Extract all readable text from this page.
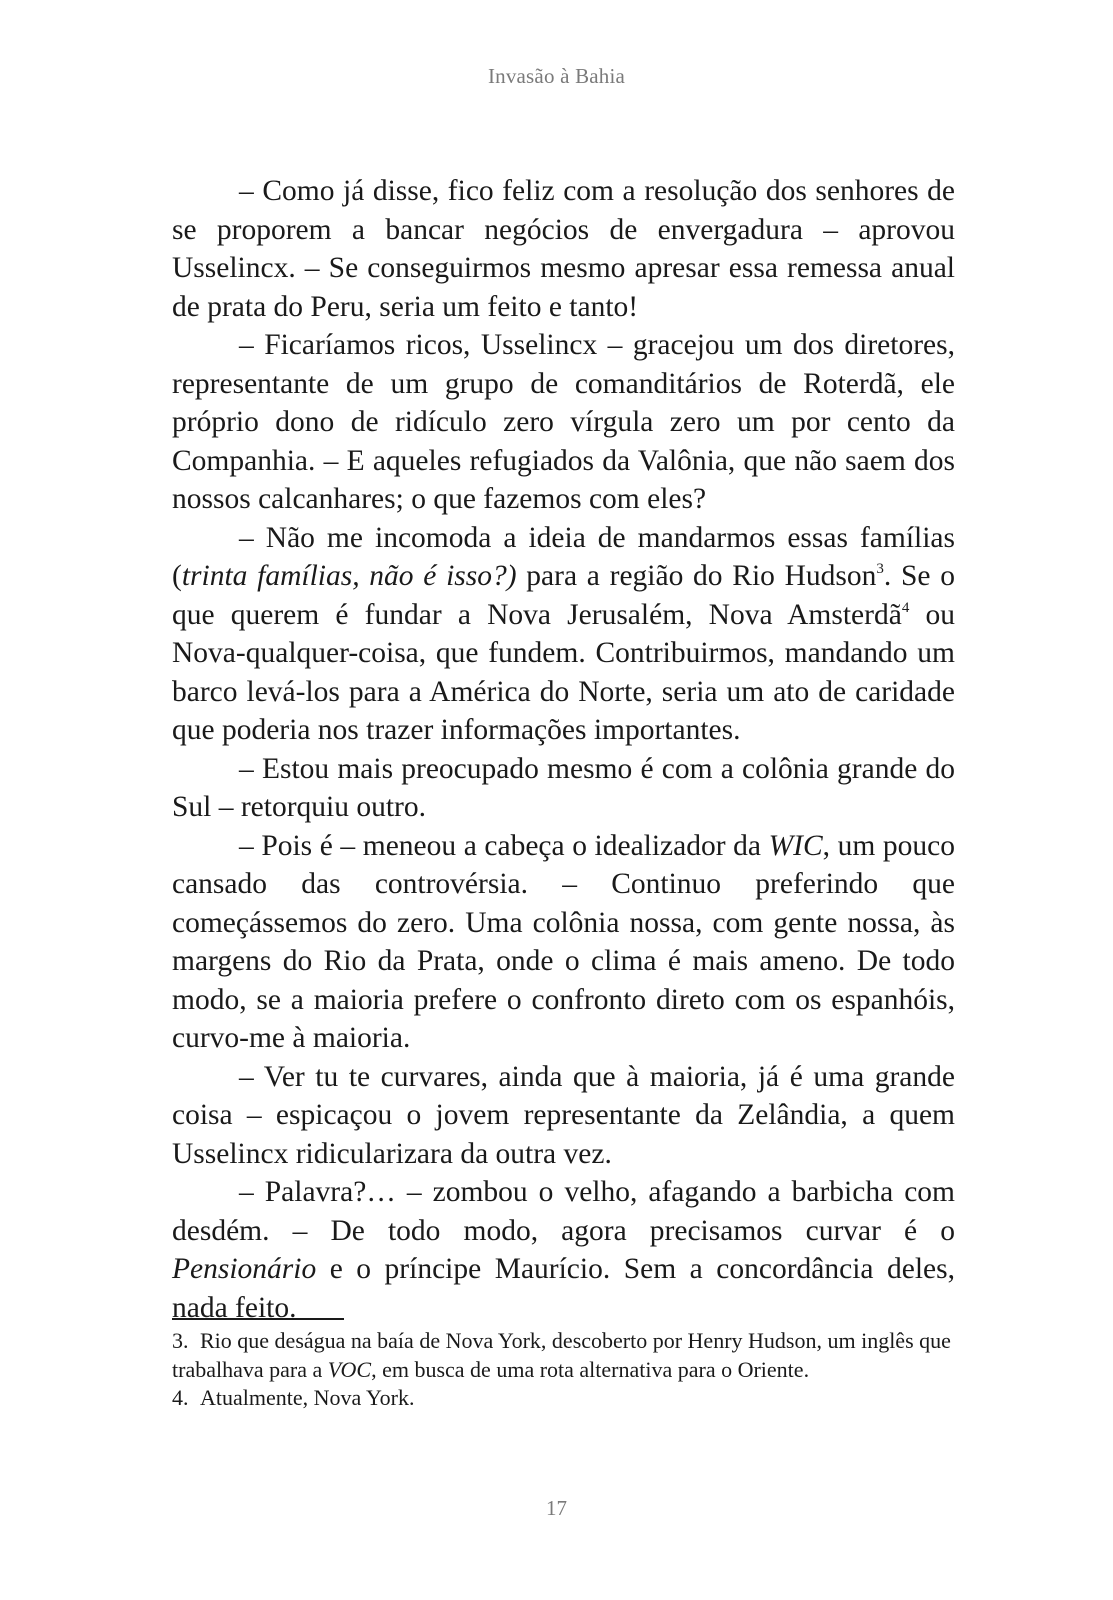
Invasão à Bahia

– Como já disse, fico feliz com a resolução dos senhores de se proporem a bancar negócios de envergadura – aprovou Usselincx. – Se conseguirmos mesmo apresar essa remessa anual de prata do Peru, seria um feito e tanto!

– Ficaríamos ricos, Usselincx – gracejou um dos diretores, representante de um grupo de comanditários de Roterdã, ele próprio dono de ridículo zero vírgula zero um por cento da Companhia. – E aqueles refugiados da Valônia, que não saem dos nossos calcanhares; o que fazemos com eles?

– Não me incomoda a ideia de mandarmos essas famílias (trinta famílias, não é isso?) para a região do Rio Hudson$^3$. Se o que querem é fundar a Nova Jerusalém, Nova Amsterdã$^4$ ou Nova-qualquer-coisa, que fundem. Contribuirmos, mandando um barco levá-los para a América do Norte, seria um ato de caridade que poderia nos trazer informações importantes.

– Estou mais preocupado mesmo é com a colônia grande do Sul – retorquiu outro.

– Pois é – meneou a cabeça o idealizador da WIC, um pouco cansado das controvérsia. – Continuo preferindo que começássemos do zero. Uma colônia nossa, com gente nossa, às margens do Rio da Prata, onde o clima é mais ameno. De todo modo, se a maioria prefere o confronto direto com os espanhóis, curvo-me à maioria.

– Ver tu te curvares, ainda que à maioria, já é uma grande coisa – espicaçou o jovem representante da Zelândia, a quem Usselincx ridicularizara da outra vez.

– Palavra?… – zombou o velho, afagando a barbicha com desdém. – De todo modo, agora precisamos curvar é o Pensionário e o príncipe Maurício. Sem a concordância deles, nada feito.

3. Rio que deságua na baía de Nova York, descoberto por Henry Hudson, um inglês que trabalhava para a VOC, em busca de uma rota alternativa para o Oriente.

4. Atualmente, Nova York.

17
